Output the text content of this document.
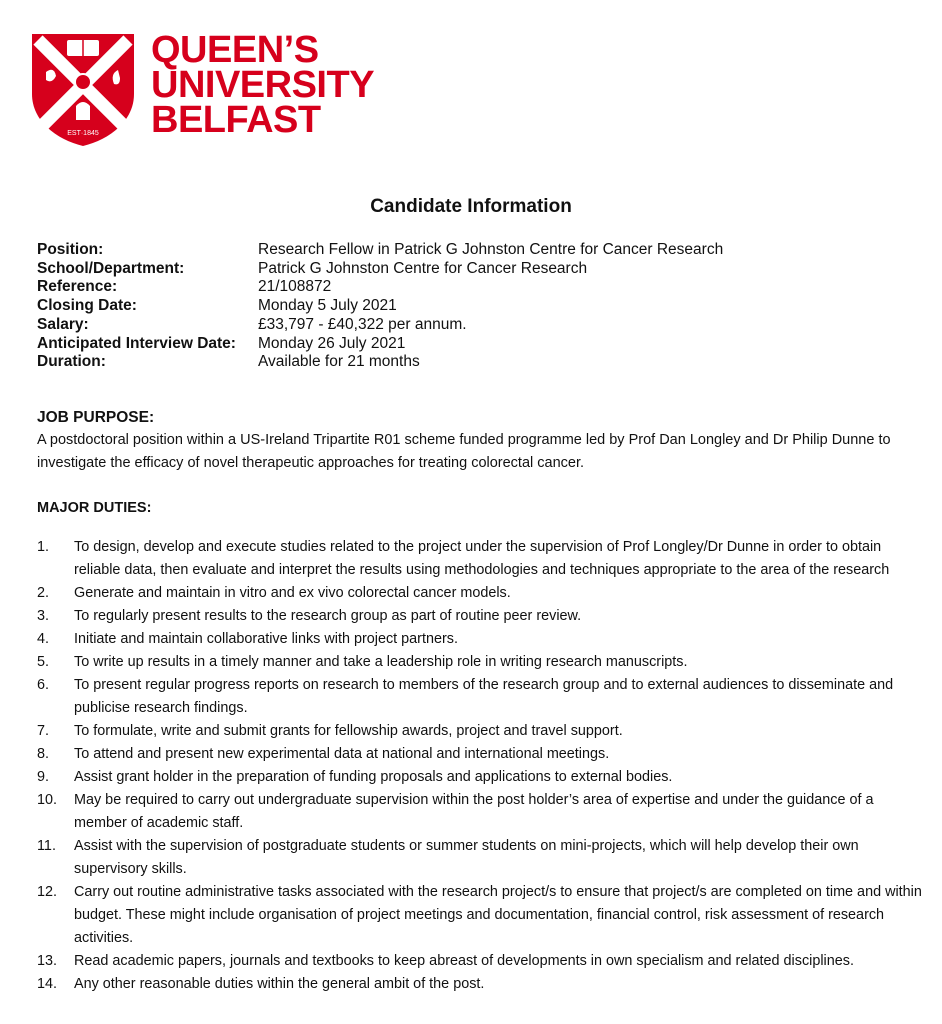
EST·1845
QUEEN’S
UNIVERSITY
BELFAST
Candidate Information
Position:	Research Fellow in Patrick G Johnston Centre for Cancer Research
School/Department:	Patrick G Johnston Centre for Cancer Research
Reference:	21/108872
Closing Date:	Monday 5 July 2021
Salary:	£33,797 - £40,322 per annum.
Anticipated Interview Date:	Monday 26 July 2021
Duration:	Available for 21 months
JOB PURPOSE:
A postdoctoral position within a US-Ireland Tripartite R01 scheme funded programme led by Prof Dan Longley and Dr Philip Dunne to investigate the efficacy of novel therapeutic approaches for treating colorectal cancer.
MAJOR DUTIES:
1.	To design, develop and execute studies related to the project under the supervision of Prof Longley/Dr Dunne in order to obtain reliable data, then evaluate and interpret the results using methodologies and techniques appropriate to the area of the research
2.	Generate and maintain in vitro and ex vivo colorectal cancer models.
3.	To regularly present results to the research group as part of routine peer review.
4.	Initiate and maintain collaborative links with project partners.
5.	To write up results in a timely manner and take a leadership role in writing research manuscripts.
6.	To present regular progress reports on research to members of the research group and to external audiences to disseminate and publicise research findings.
7.	To formulate, write and submit grants for fellowship awards, project and travel support.
8.	To attend and present new experimental data at national and international meetings.
9.	Assist grant holder in the preparation of funding proposals and applications to external bodies.
10.	May be required to carry out undergraduate supervision within the post holder’s area of expertise and under the guidance of a member of academic staff.
11.	Assist with the supervision of postgraduate students or summer students on mini-projects, which will help develop their own supervisory skills.
12.	Carry out routine administrative tasks associated with the research project/s to ensure that project/s are completed on time and within budget. These might include organisation of project meetings and documentation, financial control, risk assessment of research activities.
13.	Read academic papers, journals and textbooks to keep abreast of developments in own specialism and related disciplines.
14.	Any other reasonable duties within the general ambit of the post.
